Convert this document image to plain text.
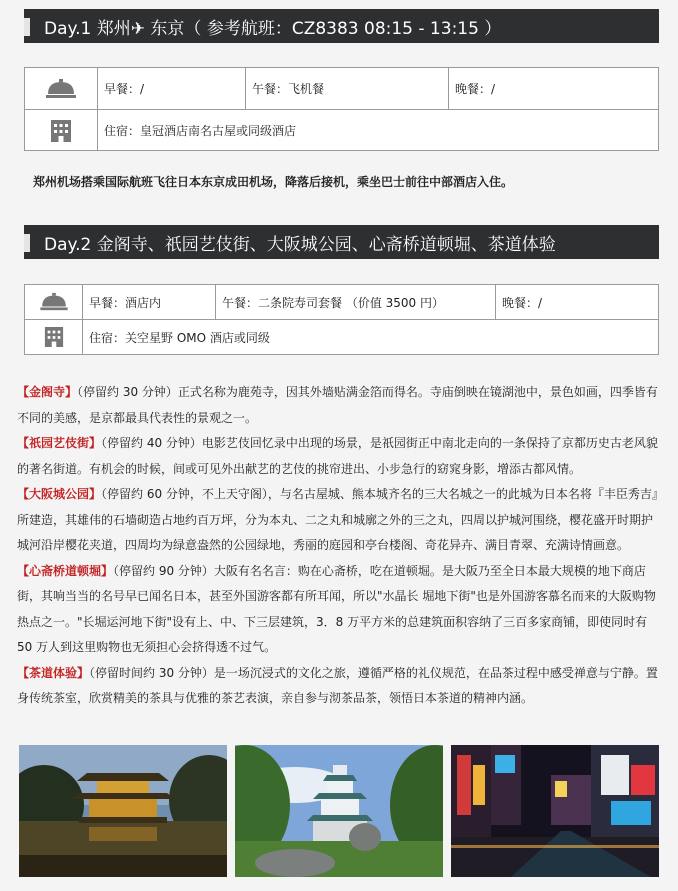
Day.1 郑州✈ 东京（ 参考航班：CZ8383 08:15 - 13:15 ）
早餐：/	午餐：飞机餐	晚餐：/
住宿：皇冠酒店南名古屋或同级酒店
郑州机场搭乘国际航班飞往日本东京成田机场，降落后接机，乘坐巴士前往中部酒店入住。
Day.2 金阁寺、祇园艺伎街、大阪城公园、心斋桥道顿堀、茶道体验
早餐：酒店内	午餐：二条院寿司套餐 （价值 3500 円）	晚餐：/
住宿：关空星野 OMO 酒店或同级
【金阁寺】（停留约 30 分钟）正式名称为鹿苑寺，因其外墙贴满金箔而得名。寺庙倒映在镜湖池中，景色如画，四季皆有不同的美感，是京都最具代表性的景观之一。
【祇园艺伎街】（停留约 40 分钟）电影艺伎回忆录中出现的场景，是祇园街正中南北走向的一条保持了京都历史古老风貌的著名街道。有机会的时候，间或可见外出献艺的艺伎的挑帘进出、小步急行的窈窕身影，增添古都风情。
【大阪城公园】（停留约 60 分钟，不上天守阁），与名古屋城、熊本城齐名的三大名城之一的此城为日本名将『丰臣秀吉』所建造，其雄伟的石墙砌造占地约百万坪，分为本丸、二之丸和城廓之外的三之丸，四周以护城河围绕，樱花盛开时期护城河沿岸樱花夹道，四周均为绿意盎然的公园绿地，秀丽的庭园和亭台楼阁、奇花异卉、满目青翠、充满诗情画意。
【心斋桥道顿堀】（停留约 90 分钟）大阪有名名言：购在心斋桥，吃在道顿堀。是大阪乃至全日本最大规模的地下商店街，其响当当的名号早已闻名日本，甚至外国游客都有所耳闻，所以"水晶长 堀地下街"也是外国游客慕名而来的大阪购物热点之一。"长堀运河地下街"设有上、中、下三层建筑，3．8 万平方米的总建筑面积容纳了三百多家商铺，即使同时有 50 万人到这里购物也无须担心会挤得透不过气。
【茶道体验】（停留时间约 30 分钟）是一场沉浸式的文化之旅，遵循严格的礼仪规范，在品茶过程中感受禅意与宁静。置身传统茶室，欣赏精美的茶具与优雅的茶艺表演，亲自参与沏茶品茶，领悟日本茶道的精神内涵。
